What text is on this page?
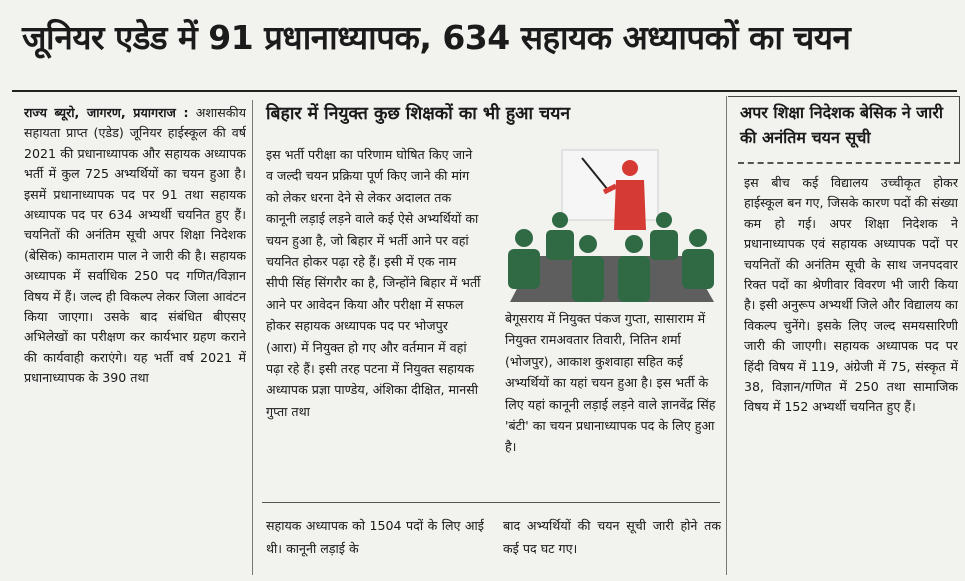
जूनियर एडेड में 91 प्रधानाध्यापक, 634 सहायक अध्यापकों का चयन
राज्य ब्यूरो, जागरण, प्रयागराज : अशासकीय सहायता प्राप्त (एडेड) जूनियर हाईस्कूल की वर्ष 2021 की प्रधानाध्यापक और सहायक अध्यापक भर्ती में कुल 725 अभ्यर्थियों का चयन हुआ है। इसमें प्रधानाध्यापक पद पर 91 तथा सहायक अध्यापक पद पर 634 अभ्यर्थी चयनित हुए हैं। चयनितों की अनंतिम सूची अपर शिक्षा निदेशक (बेसिक) कामताराम पाल ने जारी की है। सहायक अध्यापक में सर्वाधिक 250 पद गणित/विज्ञान विषय में हैं। जल्द ही विकल्प लेकर जिला आवंटन किया जाएगा। उसके बाद संबंधित बीएसए अभिलेखों का परीक्षण कर कार्यभार ग्रहण कराने की कार्यवाही कराएंगे। यह भर्ती वर्ष 2021 में प्रधानाध्यापक के 390 तथा
बिहार में नियुक्त कुछ शिक्षकों का भी हुआ चयन
इस भर्ती परीक्षा का परिणाम घोषित किए जाने व जल्दी चयन प्रक्रिया पूर्ण किए जाने की मांग को लेकर धरना देने से लेकर अदालत तक कानूनी लड़ाई लड़ने वाले कई ऐसे अभ्यर्थियों का चयन हुआ है, जो बिहार में भर्ती आने पर वहां चयनित होकर पढ़ा रहे हैं। इसी में एक नाम सीपी सिंह सिंगरौर का है, जिन्होंने बिहार में भर्ती आने पर आवेदन किया और परीक्षा में सफल होकर सहायक अध्यापक पद पर भोजपुर (आरा) में नियुक्त हो गए और वर्तमान में वहां पढ़ा रहे हैं। इसी तरह पटना में नियुक्त सहायक अध्यापक प्रज्ञा पाण्डेय, अंशिका दीक्षित, मानसी गुप्ता तथा
बेगूसराय में नियुक्त पंकज गुप्ता, सासाराम में नियुक्त रामअवतार तिवारी, नितिन शर्मा (भोजपुर), आकाश कुशवाहा सहित कई अभ्यर्थियों का यहां चयन हुआ है। इस भर्ती के लिए यहां कानूनी लड़ाई लड़ने वाले ज्ञानवेंद्र सिंह 'बंटी' का चयन प्रधानाध्यापक पद के लिए हुआ है।
सहायक अध्यापक को 1504 पदों के लिए आई थी। कानूनी लड़ाई के
बाद अभ्यर्थियों की चयन सूची जारी होने तक कई पद घट गए।
अपर शिक्षा निदेशक बेसिक ने जारी की अनंतिम चयन सूची
इस बीच कई विद्यालय उच्चीकृत होकर हाईस्कूल बन गए, जिसके कारण पदों की संख्या कम हो गई। अपर शिक्षा निदेशक ने प्रधानाध्यापक एवं सहायक अध्यापक पदों पर चयनितों की अनंतिम सूची के साथ जनपदवार रिक्त पदों का श्रेणीवार विवरण भी जारी किया है। इसी अनुरूप अभ्यर्थी जिले और विद्यालय का विकल्प चुनेंगे। इसके लिए जल्द समयसारिणी जारी की जाएगी। सहायक अध्यापक पद पर हिंदी विषय में 119, अंग्रेजी में 75, संस्कृत में 38, विज्ञान/गणित में 250 तथा सामाजिक विषय में 152 अभ्यर्थी चयनित हुए हैं।
